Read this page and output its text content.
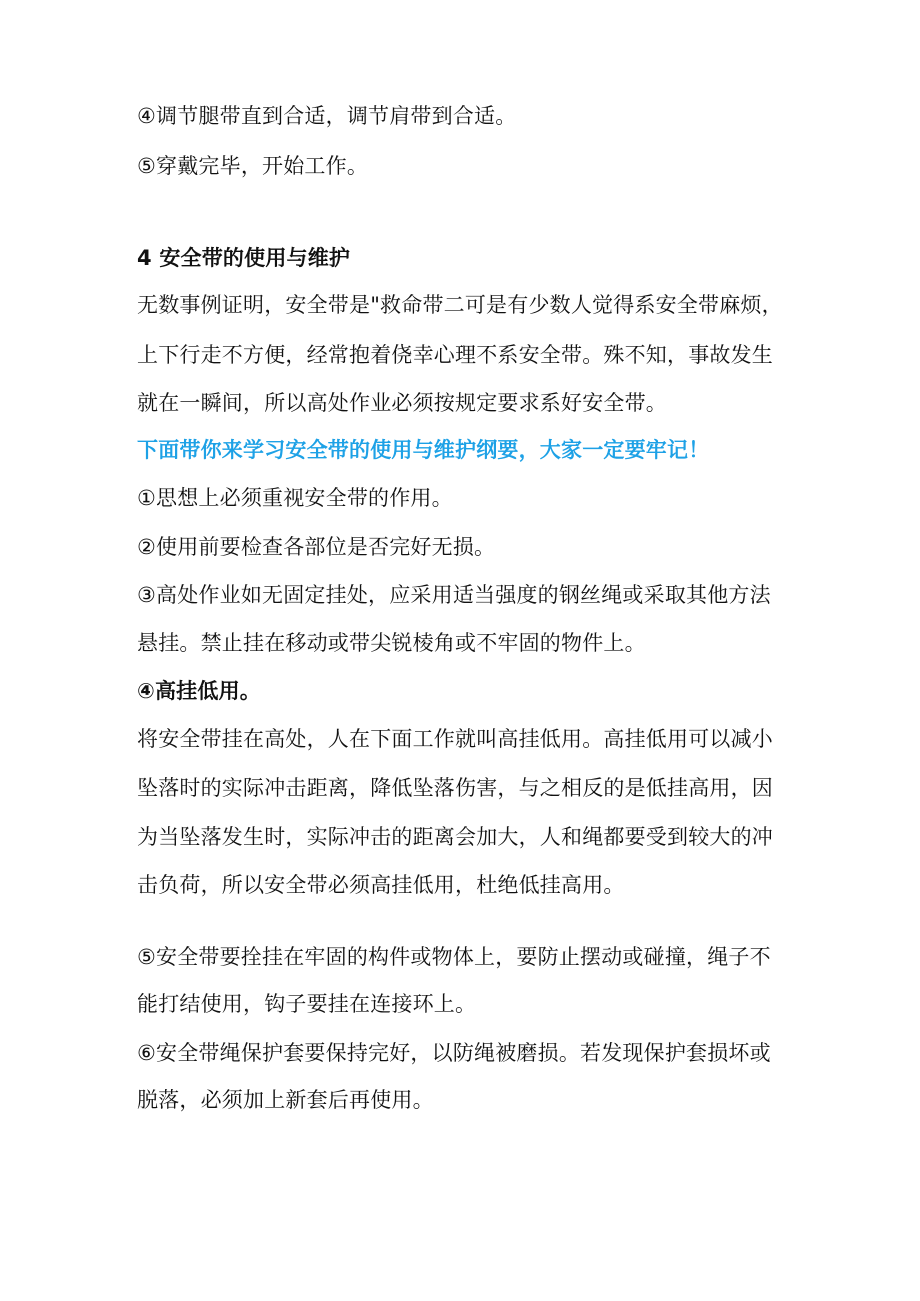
④调节腿带直到合适，调节肩带到合适。
⑤穿戴完毕，开始工作。
4 安全带的使用与维护
无数事例证明，安全带是"救命带二可是有少数人觉得系安全带麻烦，
上下行走不方便，经常抱着侥幸心理不系安全带。殊不知，事故发生
就在一瞬间，所以高处作业必须按规定要求系好安全带。
下面带你来学习安全带的使用与维护纲要，大家一定要牢记！
①思想上必须重视安全带的作用。
②使用前要检查各部位是否完好无损。
③高处作业如无固定挂处，应采用适当强度的钢丝绳或采取其他方法
悬挂。禁止挂在移动或带尖锐棱角或不牢固的物件上。
④高挂低用。
将安全带挂在高处，人在下面工作就叫高挂低用。高挂低用可以减小
坠落时的实际冲击距离，降低坠落伤害，与之相反的是低挂高用，因
为当坠落发生时，实际冲击的距离会加大，人和绳都要受到较大的冲
击负荷，所以安全带必须高挂低用，杜绝低挂高用。
⑤安全带要拴挂在牢固的构件或物体上，要防止摆动或碰撞，绳子不
能打结使用，钩子要挂在连接环上。
⑥安全带绳保护套要保持完好，以防绳被磨损。若发现保护套损坏或
脱落，必须加上新套后再使用。
